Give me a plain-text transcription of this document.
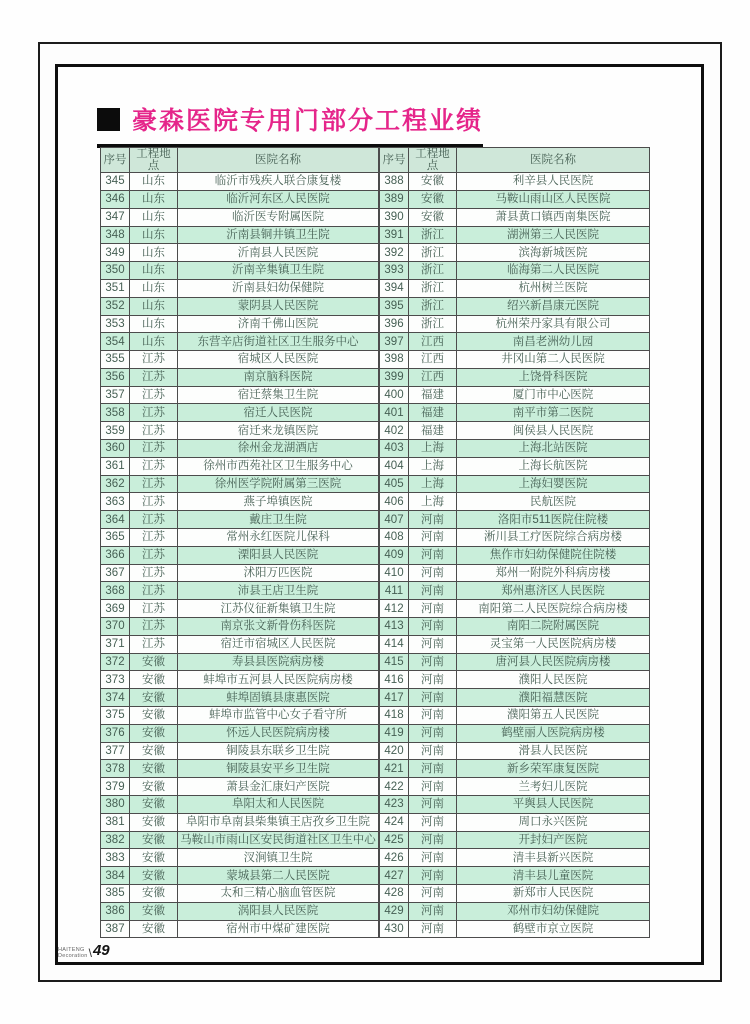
豪森医院专用门部分工程业绩
序号	工程地点	医院名称
345	山东	临沂市残疾人联合康复楼
346	山东	临沂河东区人民医院
347	山东	临沂医专附属医院
348	山东	沂南县铜井镇卫生院
349	山东	沂南县人民医院
350	山东	沂南辛集镇卫生院
351	山东	沂南县妇幼保健院
352	山东	蒙阴县人民医院
353	山东	济南千佛山医院
354	山东	东营辛店街道社区卫生服务中心
355	江苏	宿城区人民医院
356	江苏	南京脑科医院
357	江苏	宿迁蔡集卫生院
358	江苏	宿迁人民医院
359	江苏	宿迁来龙镇医院
360	江苏	徐州金龙湖酒店
361	江苏	徐州市西苑社区卫生服务中心
362	江苏	徐州医学院附属第三医院
363	江苏	燕子埠镇医院
364	江苏	戴庄卫生院
365	江苏	常州永红医院儿保科
366	江苏	溧阳县人民医院
367	江苏	沭阳万匹医院
368	江苏	沛县王店卫生院
369	江苏	江苏仪征新集镇卫生院
370	江苏	南京张文新骨伤科医院
371	江苏	宿迁市宿城区人民医院
372	安徽	寿县县医院病房楼
373	安徽	蚌埠市五河县人民医院病房楼
374	安徽	蚌埠固镇县康惠医院
375	安徽	蚌埠市监管中心女子看守所
376	安徽	怀远人民医院病房楼
377	安徽	铜陵县东联乡卫生院
378	安徽	铜陵县安平乡卫生院
379	安徽	萧县金汇康妇产医院
380	安徽	阜阳太和人民医院
381	安徽	阜阳市阜南县柴集镇王店孜乡卫生院
382	安徽	马鞍山市雨山区安民街道社区卫生中心
383	安徽	汊涧镇卫生院
384	安徽	蒙城县第二人民医院
385	安徽	太和三精心脑血管医院
386	安徽	涡阳县人民医院
387	安徽	宿州市中煤矿建医院
序号	工程地点	医院名称
388	安徽	利辛县人民医院
389	安徽	马鞍山雨山区人民医院
390	安徽	萧县黄口镇西南集医院
391	浙江	湖洲第三人民医院
392	浙江	滨海新城医院
393	浙江	临海第二人民医院
394	浙江	杭州树兰医院
395	浙江	绍兴新昌康元医院
396	浙江	杭州荣丹家具有限公司
397	江西	南昌老洲幼儿园
398	江西	井冈山第二人民医院
399	江西	上饶骨科医院
400	福建	厦门市中心医院
401	福建	南平市第二医院
402	福建	闽侯县人民医院
403	上海	上海北站医院
404	上海	上海长航医院
405	上海	上海妇婴医院
406	上海	民航医院
407	河南	洛阳市511医院住院楼
408	河南	淅川县工疗医院综合病房楼
409	河南	焦作市妇幼保健院住院楼
410	河南	郑州一附院外科病房楼
411	河南	郑州惠济区人民医院
412	河南	南阳第二人民医院综合病房楼
413	河南	南阳二院附属医院
414	河南	灵宝第一人民医院病房楼
415	河南	唐河县人民医院病房楼
416	河南	濮阳人民医院
417	河南	濮阳福慧医院
418	河南	濮阳第五人民医院
419	河南	鹤壁丽人医院病房楼
420	河南	滑县人民医院
421	河南	新乡荣军康复医院
422	河南	兰考妇儿医院
423	河南	平舆县人民医院
424	河南	周口永兴医院
425	河南	开封妇产医院
426	河南	清丰县新兴医院
427	河南	清丰县儿童医院
428	河南	新郑市人民医院
429	河南	邓州市妇幼保健院
430	河南	鹤壁市京立医院
HAITENG
Decoration \ 49
